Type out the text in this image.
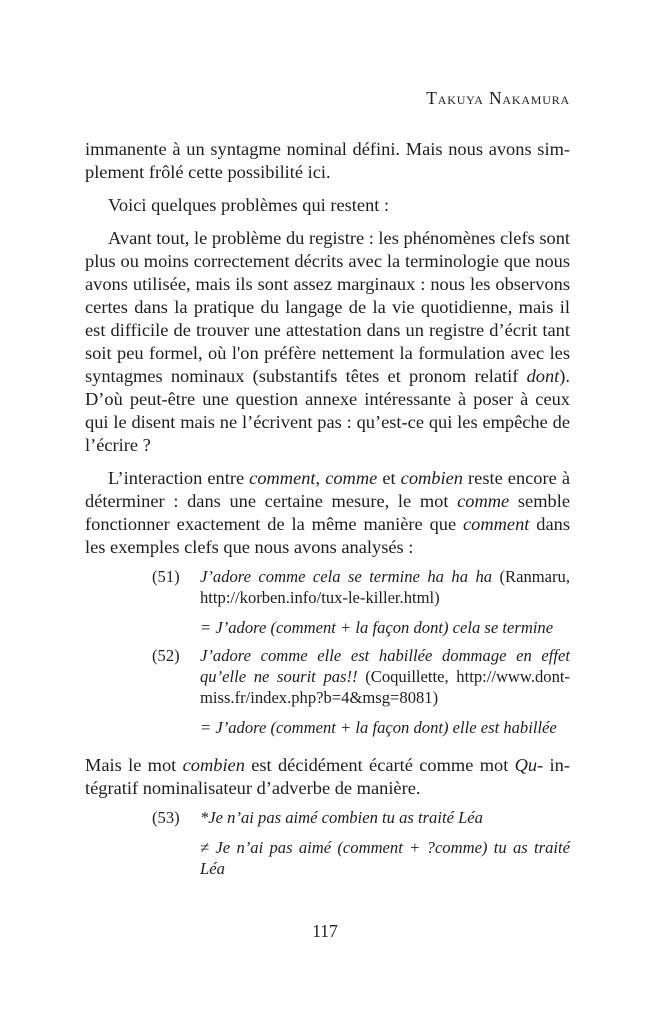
Takuya Nakamura

immanente à un syntagme nominal défini. Mais nous avons simplement frôlé cette possibilité ici.

Voici quelques problèmes qui restent :

Avant tout, le problème du registre : les phénomènes clefs sont plus ou moins correctement décrits avec la terminologie que nous avons utilisée, mais ils sont assez marginaux : nous les observons certes dans la pratique du langage de la vie quotidienne, mais il est difficile de trouver une attestation dans un registre d’écrit tant soit peu formel, où l'on préfère nettement la formulation avec les syntagmes nominaux (substantifs têtes et pronom relatif dont). D’où peut-être une question annexe intéressante à poser à ceux qui le disent mais ne l’écrivent pas : qu’est-ce qui les empêche de l’écrire ?

L’interaction entre comment, comme et combien reste encore à déterminer : dans une certaine mesure, le mot comme semble fonctionner exactement de la même manière que comment dans les exemples clefs que nous avons analysés :

(51)	J’adore comme cela se termine ha ha ha (Ranmaru, http://korben.info/tux-le-killer.html)
= J’adore (comment + la façon dont) cela se termine
(52)	J’adore comme elle est habillée dommage en effet qu’elle ne sourit pas!! (Coquillette, http://www.dont-miss.fr/index.php?b=4&msg=8081)
= J’adore (comment + la façon dont) elle est habillée

Mais le mot combien est décidément écarté comme mot Qu- intégratif nominalisateur d’adverbe de manière.

(53)	*Je n’ai pas aimé combien tu as traité Léa
≠ Je n’ai pas aimé (comment + ?comme) tu as traité Léa
117
